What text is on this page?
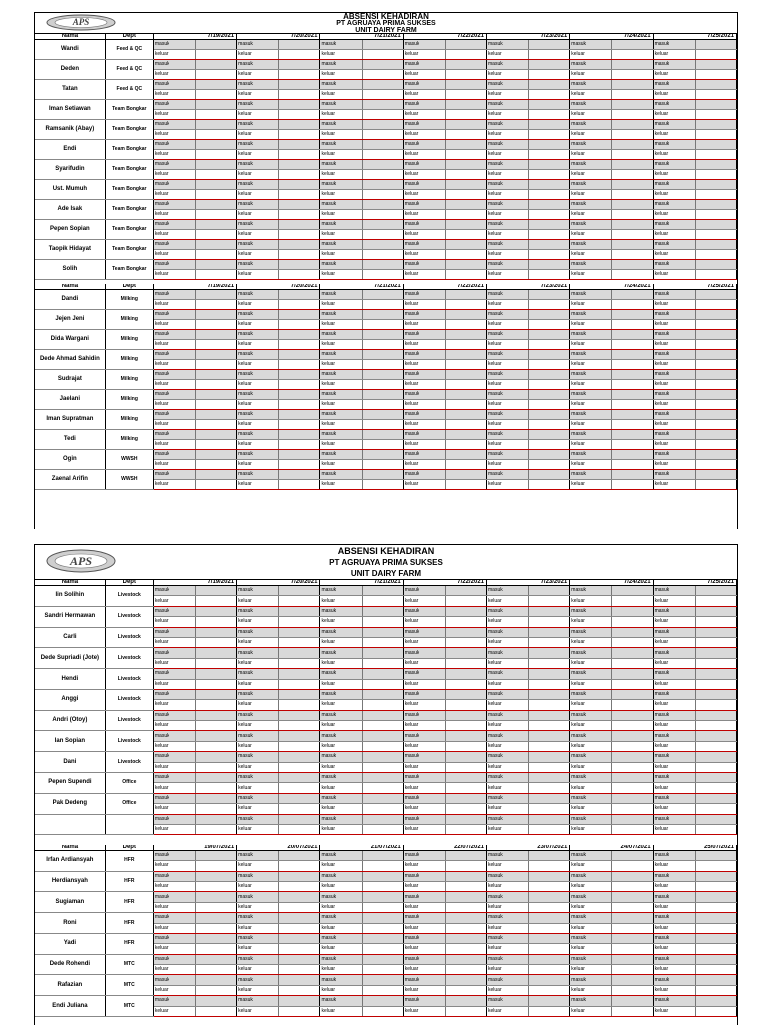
APS
ABSENSI KEHADIRAN
PT AGRUAYA PRIMA SUKSES
UNIT DAIRY FARM
Nama	Dept	7/19/2021			7/20/2021			7/21/2021			7/22/2021			7/23/2021			7/24/2021			7/25/2021		
Wandi	Feed & QC	masuk			masuk			masuk			masuk			masuk			masuk			masuk		
		keluar			keluar			keluar			keluar			keluar			keluar			keluar		
Deden	Feed & QC	masuk			masuk			masuk			masuk			masuk			masuk			masuk		
		keluar			keluar			keluar			keluar			keluar			keluar			keluar		
Tatan	Feed & QC	masuk			masuk			masuk			masuk			masuk			masuk			masuk		
		keluar			keluar			keluar			keluar			keluar			keluar			keluar		
Iman Setiawan	Team Bongkar	masuk			masuk			masuk			masuk			masuk			masuk			masuk		
		keluar			keluar			keluar			keluar			keluar			keluar			keluar		
Ramsanik (Abay)	Team Bongkar	masuk			masuk			masuk			masuk			masuk			masuk			masuk		
		keluar			keluar			keluar			keluar			keluar			keluar			keluar		
Endi	Team Bongkar	masuk			masuk			masuk			masuk			masuk			masuk			masuk		
		keluar			keluar			keluar			keluar			keluar			keluar			keluar		
Syarifudin	Team Bongkar	masuk			masuk			masuk			masuk			masuk			masuk			masuk		
		keluar			keluar			keluar			keluar			keluar			keluar			keluar		
Ust. Mumuh	Team Bongkar	masuk			masuk			masuk			masuk			masuk			masuk			masuk		
		keluar			keluar			keluar			keluar			keluar			keluar			keluar		
Ade Isak	Team Bongkar	masuk			masuk			masuk			masuk			masuk			masuk			masuk		
		keluar			keluar			keluar			keluar			keluar			keluar			keluar		
Pepen Sopian	Team Bongkar	masuk			masuk			masuk			masuk			masuk			masuk			masuk		
		keluar			keluar			keluar			keluar			keluar			keluar			keluar		
Taopik Hidayat	Team Bongkar	masuk			masuk			masuk			masuk			masuk			masuk			masuk		
		keluar			keluar			keluar			keluar			keluar			keluar			keluar		
Solih	Team Bongkar	masuk			masuk			masuk			masuk			masuk			masuk			masuk		
		keluar			keluar			keluar			keluar			keluar			keluar			keluar		

Nama	Dept	7/19/2021			7/20/2021			7/21/2021			7/22/2021			7/23/2021			7/24/2021			7/25/2021		
Dandi	Milking	masuk			masuk			masuk			masuk			masuk			masuk			masuk		
		keluar			keluar			keluar			keluar			keluar			keluar			keluar		
Jejen Jeni	Milking	masuk			masuk			masuk			masuk			masuk			masuk			masuk		
		keluar			keluar			keluar			keluar			keluar			keluar			keluar		
Dida Wargani	Milking	masuk			masuk			masuk			masuk			masuk			masuk			masuk		
		keluar			keluar			keluar			keluar			keluar			keluar			keluar		
Dede Ahmad Sahidin	Milking	masuk			masuk			masuk			masuk			masuk			masuk			masuk		
		keluar			keluar			keluar			keluar			keluar			keluar			keluar		
Sudrajat	Milking	masuk			masuk			masuk			masuk			masuk			masuk			masuk		
		keluar			keluar			keluar			keluar			keluar			keluar			keluar		
Jaelani	Milking	masuk			masuk			masuk			masuk			masuk			masuk			masuk		
		keluar			keluar			keluar			keluar			keluar			keluar			keluar		
Iman Supratman	Milking	masuk			masuk			masuk			masuk			masuk			masuk			masuk		
		keluar			keluar			keluar			keluar			keluar			keluar			keluar		
Tedi	Milking	masuk			masuk			masuk			masuk			masuk			masuk			masuk		
		keluar			keluar			keluar			keluar			keluar			keluar			keluar		
Ogin	WWSH	masuk			masuk			masuk			masuk			masuk			masuk			masuk		
		keluar			keluar			keluar			keluar			keluar			keluar			keluar		
Zaenal Arifin	WWSH	masuk			masuk			masuk			masuk			masuk			masuk			masuk		
		keluar			keluar			keluar			keluar			keluar			keluar			keluar		
APS
ABSENSI KEHADIRAN
PT AGRUAYA PRIMA SUKSES
UNIT DAIRY FARM
Nama	Dept	7/19/2021			7/20/2021			7/21/2021			7/22/2021			7/23/2021			7/24/2021			7/25/2021		
Iin Solihin	Livestock	masuk			masuk			masuk			masuk			masuk			masuk			masuk		
		keluar			keluar			keluar			keluar			keluar			keluar			keluar		
Sandri Hermawan	Livestock	masuk			masuk			masuk			masuk			masuk			masuk			masuk		
		keluar			keluar			keluar			keluar			keluar			keluar			keluar		
Carli	Livestock	masuk			masuk			masuk			masuk			masuk			masuk			masuk		
		keluar			keluar			keluar			keluar			keluar			keluar			keluar		
Dede Supriadi (Jote)	Livestock	masuk			masuk			masuk			masuk			masuk			masuk			masuk		
		keluar			keluar			keluar			keluar			keluar			keluar			keluar		
Hendi	Livestock	masuk			masuk			masuk			masuk			masuk			masuk			masuk		
		keluar			keluar			keluar			keluar			keluar			keluar			keluar		
Anggi	Livestock	masuk			masuk			masuk			masuk			masuk			masuk			masuk		
		keluar			keluar			keluar			keluar			keluar			keluar			keluar		
Andri (Otoy)	Livestock	masuk			masuk			masuk			masuk			masuk			masuk			masuk		
		keluar			keluar			keluar			keluar			keluar			keluar			keluar		
Ian Sopian	Livestock	masuk			masuk			masuk			masuk			masuk			masuk			masuk		
		keluar			keluar			keluar			keluar			keluar			keluar			keluar		
Dani	Livestock	masuk			masuk			masuk			masuk			masuk			masuk			masuk		
		keluar			keluar			keluar			keluar			keluar			keluar			keluar		
Pepen Supendi	Office	masuk			masuk			masuk			masuk			masuk			masuk			masuk		
		keluar			keluar			keluar			keluar			keluar			keluar			keluar		
Pak Dedeng	Office	masuk			masuk			masuk			masuk			masuk			masuk			masuk		
		keluar			keluar			keluar			keluar			keluar			keluar			keluar		
		masuk			masuk			masuk			masuk			masuk			masuk			masuk		
		keluar			keluar			keluar			keluar			keluar			keluar			keluar		

Nama	Dept	19/07/2021			20/07/2021			21/07/2021			22/07/2021			23/07/2021			24/07/2021			25/07/2021		
Irfan Ardiansyah	HFR	masuk			masuk			masuk			masuk			masuk			masuk			masuk		
		keluar			keluar			keluar			keluar			keluar			keluar			keluar		
Herdiansyah	HFR	masuk			masuk			masuk			masuk			masuk			masuk			masuk		
		keluar			keluar			keluar			keluar			keluar			keluar			keluar		
Sugiaman	HFR	masuk			masuk			masuk			masuk			masuk			masuk			masuk		
		keluar			keluar			keluar			keluar			keluar			keluar			keluar		
Roni	HFR	masuk			masuk			masuk			masuk			masuk			masuk			masuk		
		keluar			keluar			keluar			keluar			keluar			keluar			keluar		
Yadi	HFR	masuk			masuk			masuk			masuk			masuk			masuk			masuk		
		keluar			keluar			keluar			keluar			keluar			keluar			keluar		
Dede Rohendi	MTC	masuk			masuk			masuk			masuk			masuk			masuk			masuk		
		keluar			keluar			keluar			keluar			keluar			keluar			keluar		
Rafazian	MTC	masuk			masuk			masuk			masuk			masuk			masuk			masuk		
		keluar			keluar			keluar			keluar			keluar			keluar			keluar		
Endi Juliana	MTC	masuk			masuk			masuk			masuk			masuk			masuk			masuk		
		keluar			keluar			keluar			keluar			keluar			keluar			keluar		
